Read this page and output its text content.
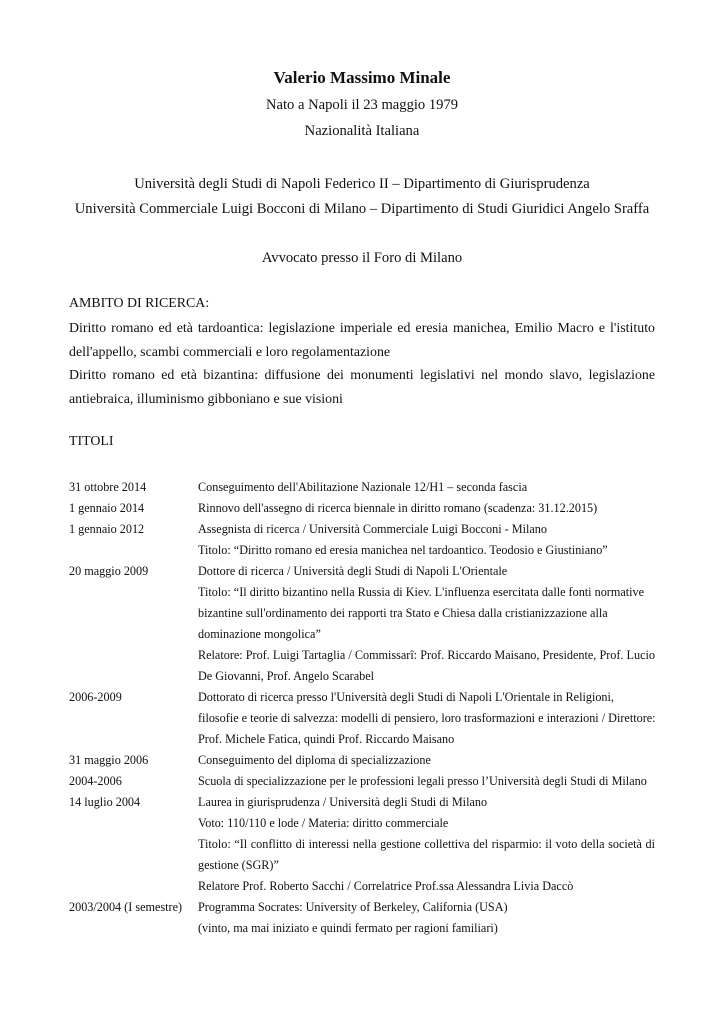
Valerio Massimo Minale
Nato a Napoli il 23 maggio 1979
Nazionalità Italiana
Università degli Studi di Napoli Federico II – Dipartimento di Giurisprudenza
Università Commerciale Luigi Bocconi di Milano – Dipartimento di Studi Giuridici Angelo Sraffa
Avvocato presso il Foro di Milano
AMBITO DI RICERCA:
Diritto romano ed età tardoantica: legislazione imperiale ed eresia manichea, Emilio Macro e l'istituto
dell'appello, scambi commerciali e loro regolamentazione
Diritto romano ed età bizantina: diffusione dei monumenti legislativi nel mondo slavo, legislazione
antiebraica, illuminismo gibboniano e sue visioni
TITOLI
31 ottobre 2014	Conseguimento dell'Abilitazione Nazionale 12/H1 – seconda fascia
1 gennaio 2014	Rinnovo dell'assegno di ricerca biennale in diritto romano (scadenza: 31.12.2015)
1 gennaio 2012	Assegnista di ricerca / Università Commerciale Luigi Bocconi - Milano
Titolo: “Diritto romano ed eresia manichea nel tardoantico. Teodosio e Giustiniano”
20 maggio 2009	Dottore di ricerca / Università degli Studi di Napoli L'Orientale
Titolo: “Il diritto bizantino nella Russia di Kiev. L'influenza esercitata dalle fonti normative
bizantine sull'ordinamento dei rapporti tra Stato e Chiesa dalla cristianizzazione alla
dominazione mongolica”
Relatore: Prof. Luigi Tartaglia / Commissarî: Prof. Riccardo Maisano, Presidente, Prof. Lucio
De Giovanni, Prof. Angelo Scarabel
2006-2009	Dottorato di ricerca presso l'Università degli Studi di Napoli L'Orientale in Religioni,
filosofie e teorie di salvezza: modelli di pensiero, loro trasformazioni e interazioni / Direttore:
Prof. Michele Fatica, quindi Prof. Riccardo Maisano
31 maggio 2006	Conseguimento del diploma di specializzazione
2004-2006	Scuola di specializzazione per le professioni legali presso l’Università degli Studi di Milano
14 luglio 2004	Laurea in giurisprudenza / Università degli Studi di Milano
Voto: 110/110 e lode / Materia: diritto commerciale
Titolo: “Il conflitto di interessi nella gestione collettiva del risparmio: il voto della società di
gestione (SGR)”
Relatore Prof. Roberto Sacchi / Correlatrice Prof.ssa Alessandra Livia Daccò
2003/2004 (I semestre)	Programma Socrates: University of Berkeley, California (USA)
(vinto, ma mai iniziato e quindi fermato per ragioni familiari)
